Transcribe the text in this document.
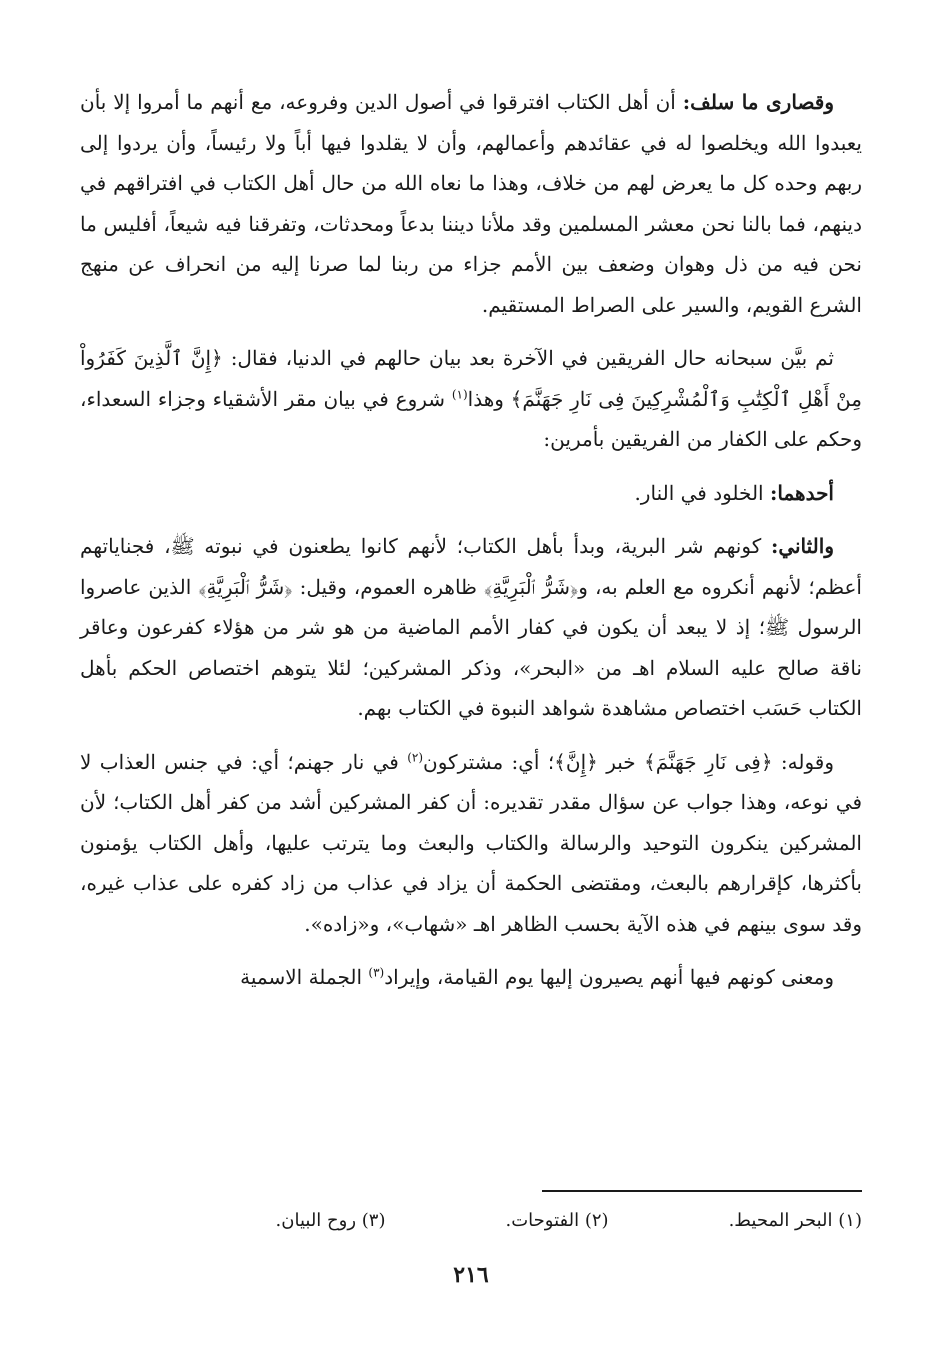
وقصارى ما سلف: أن أهل الكتاب افترقوا في أصول الدين وفروعه، مع أنهم ما أمروا إلا بأن يعبدوا الله ويخلصوا له في عقائدهم وأعمالهم، وأن لا يقلدوا فيها أباً ولا رئيساً، وأن يردوا إلى ربهم وحده كل ما يعرض لهم من خلاف، وهذا ما نعاه الله من حال أهل الكتاب في افتراقهم في دينهم، فما بالنا نحن معشر المسلمين وقد ملأنا ديننا بدعاً ومحدثات، وتفرقنا فيه شيعاً، أفليس ما نحن فيه من ذل وهوان وضعف بين الأمم جزاء من ربنا لما صرنا إليه من انحراف عن منهج الشرع القويم، والسير على الصراط المستقيم.

ثم بيَّن سبحانه حال الفريقين في الآخرة بعد بيان حالهم في الدنيا، فقال: ﴿إِنَّ ٱلَّذِينَ كَفَرُواْ مِنْ أَهْلِ ٱلْكِتَٰبِ وَٱلْمُشْرِكِينَ فِى نَارِ جَهَنَّمَ﴾ وهذا$^{(١)}$ شروع في بيان مقر الأشقياء وجزاء السعداء، وحكم على الكفار من الفريقين بأمرين:

أحدهما: الخلود في النار.

والثاني: كونهم شر البرية، وبدأ بأهل الكتاب؛ لأنهم كانوا يطعنون في نبوته ﷺ، فجناياتهم أعظم؛ لأنهم أنكروه مع العلم به، و﴿شَرُّ ٱلْبَرِيَّةِ﴾ ظاهره العموم، وقيل: ﴿شَرُّ ٱلْبَرِيَّةِ﴾ الذين عاصروا الرسول ﷺ؛ إذ لا يبعد أن يكون في كفار الأمم الماضية من هو شر من هؤلاء كفرعون وعاقر ناقة صالح عليه السلام اهـ من «البحر»، وذكر المشركين؛ لئلا يتوهم اختصاص الحكم بأهل الكتاب حَسَب اختصاص مشاهدة شواهد النبوة في الكتاب بهم.

وقوله: ﴿فِى نَارِ جَهَنَّمَ﴾ خبر ﴿إِنَّ﴾؛ أي: مشتركون$^{(٢)}$ في نار جهنم؛ أي: في جنس العذاب لا في نوعه، وهذا جواب عن سؤال مقدر تقديره: أن كفر المشركين أشد من كفر أهل الكتاب؛ لأن المشركين ينكرون التوحيد والرسالة والكتاب والبعث وما يترتب عليها، وأهل الكتاب يؤمنون بأكثرها، كإقرارهم بالبعث، ومقتضى الحكمة أن يزاد في عذاب من زاد كفره على عذاب غيره، وقد سوى بينهم في هذه الآية بحسب الظاهر اهـ «شهاب»، و«زاده».

ومعنى كونهم فيها أنهم يصيرون إليها يوم القيامة، وإيراد$^{(٣)}$ الجملة الاسمية

(١) البحر المحيط.(٢) الفتوحات.(٣) روح البيان.
٢١٦
